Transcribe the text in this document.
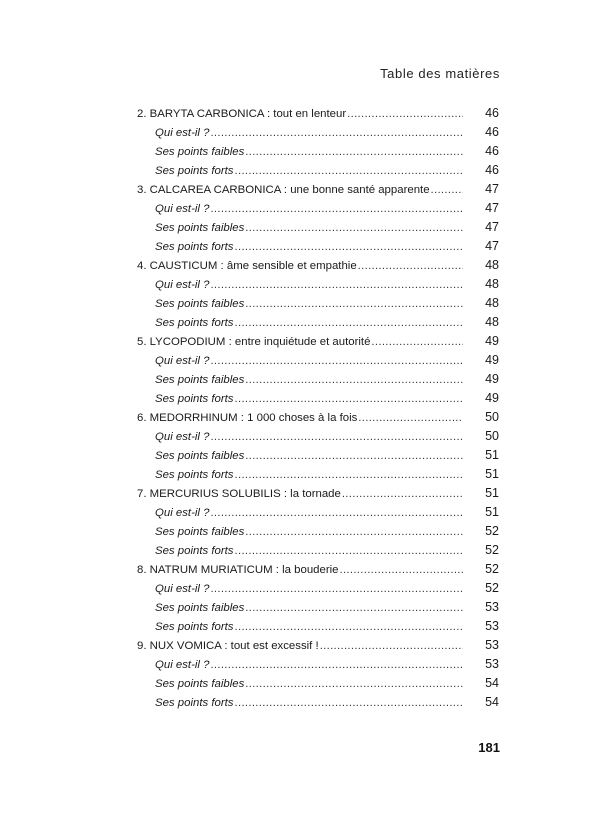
Table des matières
2. BARYTA CARBONICA : tout en lenteur .....	46
Qui est-il ? .....	46
Ses points faibles .....	46
Ses points forts .....	46
3. CALCAREA CARBONICA : une bonne santé apparente .....	47
Qui est-il ? .....	47
Ses points faibles .....	47
Ses points forts .....	47
4. CAUSTICUM : âme sensible et empathie .....	48
Qui est-il ? .....	48
Ses points faibles .....	48
Ses points forts .....	48
5. LYCOPODIUM : entre inquiétude et autorité .....	49
Qui est-il ? .....	49
Ses points faibles .....	49
Ses points forts .....	49
6. MEDORRHINUM : 1 000 choses à la fois .....	50
Qui est-il ? .....	50
Ses points faibles .....	51
Ses points forts .....	51
7. MERCURIUS SOLUBILIS : la tornade .....	51
Qui est-il ? .....	51
Ses points faibles .....	52
Ses points forts .....	52
8. NATRUM MURIATICUM : la bouderie .....	52
Qui est-il ? .....	52
Ses points faibles .....	53
Ses points forts .....	53
9. NUX VOMICA : tout est excessif ! .....	53
Qui est-il ? .....	53
Ses points faibles .....	54
Ses points forts .....	54
181
